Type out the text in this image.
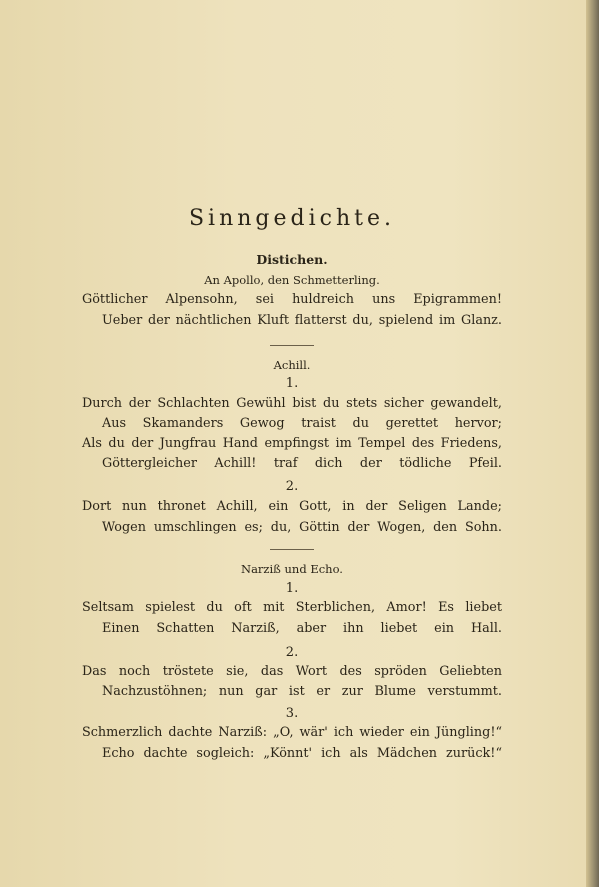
Sinngedichte.
Distichen.
An Apollo, den Schmetterling.
Göttlicher Alpensohn, sei huldreich uns Epigrammen!
Ueber der nächtlichen Kluft flatterst du, spielend im Glanz.
Achill.
1.
Durch der Schlachten Gewühl bist du stets sicher gewandelt,
Aus Skamanders Gewog traist du gerettet hervor;
Als du der Jungfrau Hand empfingst im Tempel des Friedens,
Göttergleicher Achill! traf dich der tödliche Pfeil.
2.
Dort nun thronet Achill, ein Gott, in der Seligen Lande;
Wogen umschlingen es; du, Göttin der Wogen, den Sohn.
Narziß und Echo.
1.
Seltsam spielest du oft mit Sterblichen, Amor! Es liebet
Einen Schatten Narziß, aber ihn liebet ein Hall.
2.
Das noch tröstete sie, das Wort des spröden Geliebten
Nachzustöhnen; nun gar ist er zur Blume verstummt.
3.
Schmerzlich dachte Narziß: „O, wär' ich wieder ein Jüngling!“
Echo dachte sogleich: „Könnt' ich als Mädchen zurück!“
